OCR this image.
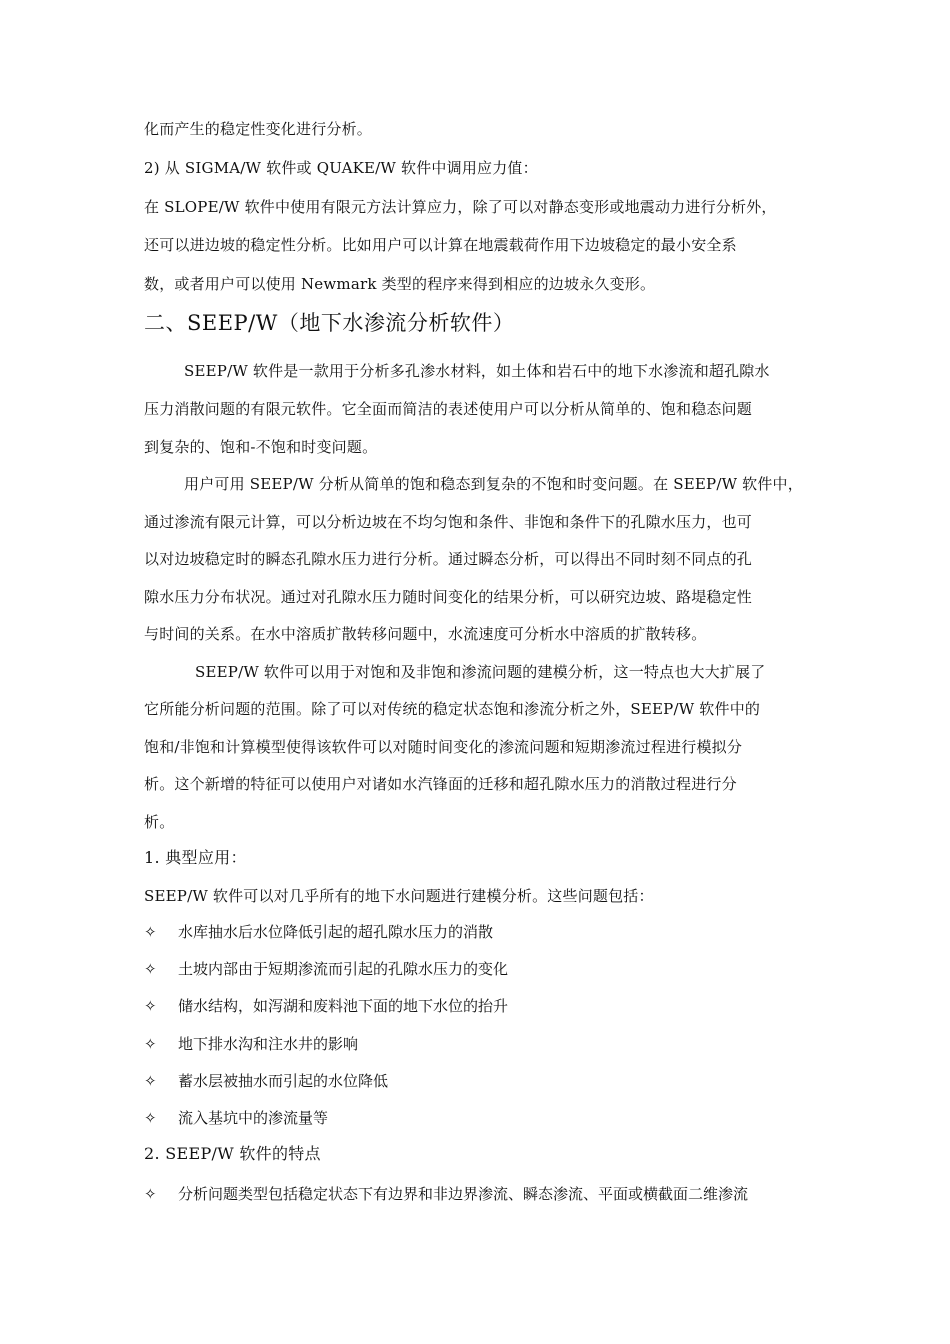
化而产生的稳定性变化进行分析。
2) 从 SIGMA/W 软件或 QUAKE/W 软件中调用应力值：
在 SLOPE/W 软件中使用有限元方法计算应力，除了可以对静态变形或地震动力进行分析外，
还可以进边坡的稳定性分析。比如用户可以计算在地震载荷作用下边坡稳定的最小安全系
数，或者用户可以使用 Newmark 类型的程序来得到相应的边坡永久变形。
二、SEEP/W（地下水渗流分析软件）
SEEP/W 软件是一款用于分析多孔渗水材料，如土体和岩石中的地下水渗流和超孔隙水
压力消散问题的有限元软件。它全面而简洁的表述使用户可以分析从简单的、饱和稳态问题
到复杂的、饱和-不饱和时变问题。
用户可用 SEEP/W 分析从简单的饱和稳态到复杂的不饱和时变问题。在 SEEP/W 软件中，
通过渗流有限元计算，可以分析边坡在不均匀饱和条件、非饱和条件下的孔隙水压力，也可
以对边坡稳定时的瞬态孔隙水压力进行分析。通过瞬态分析，可以得出不同时刻不同点的孔
隙水压力分布状况。通过对孔隙水压力随时间变化的结果分析，可以研究边坡、路堤稳定性
与时间的关系。在水中溶质扩散转移问题中，水流速度可分析水中溶质的扩散转移。
SEEP/W 软件可以用于对饱和及非饱和渗流问题的建模分析，这一特点也大大扩展了
它所能分析问题的范围。除了可以对传统的稳定状态饱和渗流分析之外，SEEP/W 软件中的
饱和/非饱和计算模型使得该软件可以对随时间变化的渗流问题和短期渗流过程进行模拟分
析。这个新增的特征可以使用户对诸如水汽锋面的迁移和超孔隙水压力的消散过程进行分
析。
1. 典型应用：
SEEP/W 软件可以对几乎所有的地下水问题进行建模分析。这些问题包括：
✧ 水库抽水后水位降低引起的超孔隙水压力的消散
✧ 土坡内部由于短期渗流而引起的孔隙水压力的变化
✧ 储水结构，如泻湖和废料池下面的地下水位的抬升
✧ 地下排水沟和注水井的影响
✧ 蓄水层被抽水而引起的水位降低
✧ 流入基坑中的渗流量等
2. SEEP/W 软件的特点
✧ 分析问题类型包括稳定状态下有边界和非边界渗流、瞬态渗流、平面或横截面二维渗流
